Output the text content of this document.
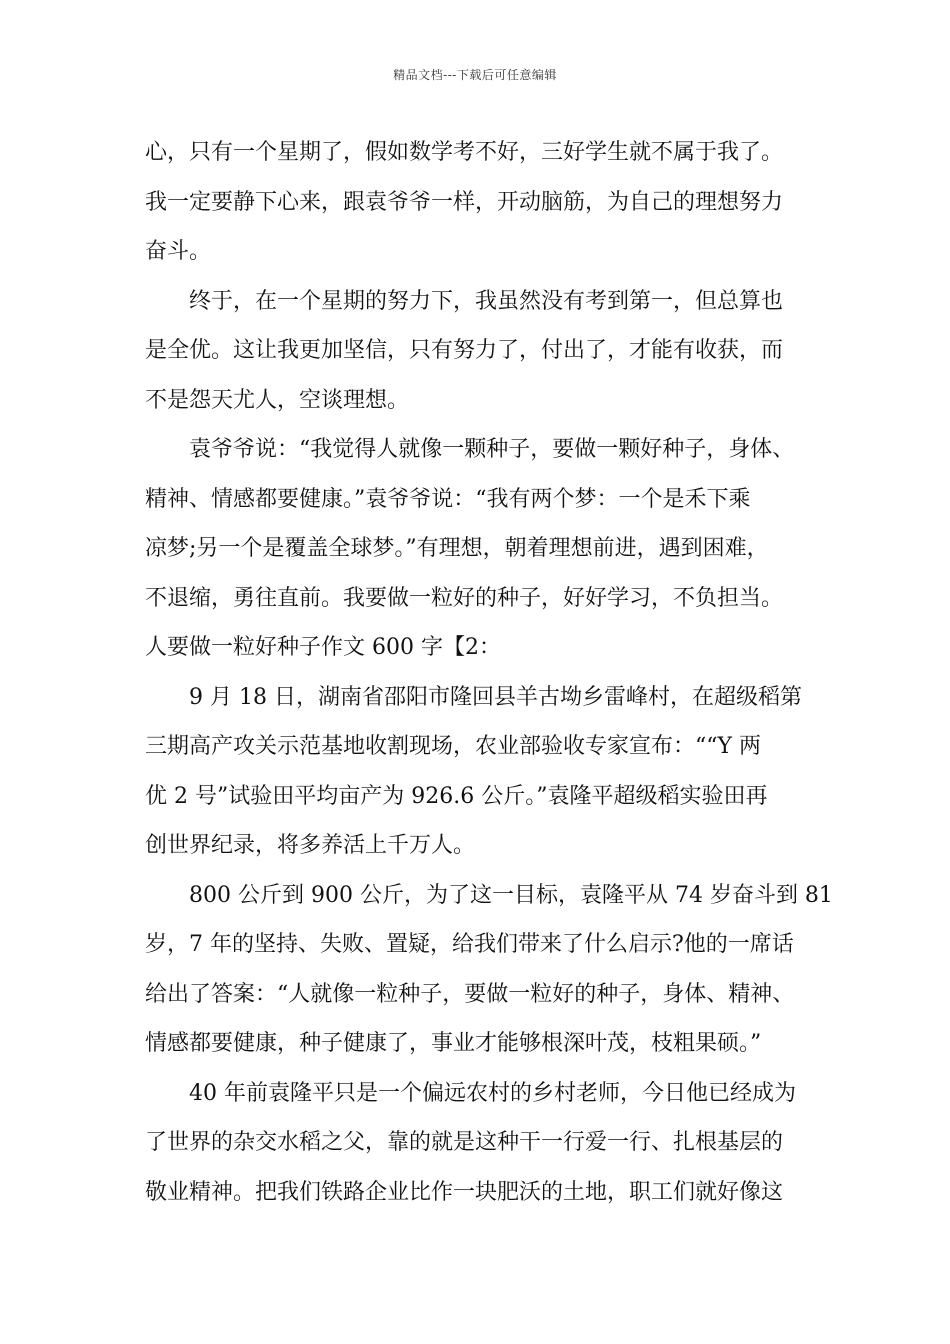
精品文档---下载后可任意编辑
心，只有一个星期了，假如数学考不好，三好学生就不属于我了。
我一定要静下心来，跟袁爷爷一样，开动脑筋，为自己的理想努力
奋斗。
终于，在一个星期的努力下，我虽然没有考到第一，但总算也
是全优。这让我更加坚信，只有努力了，付出了，才能有收获，而
不是怨天尤人，空谈理想。
袁爷爷说：“我觉得人就像一颗种子，要做一颗好种子，身体、
精神、情感都要健康。”袁爷爷说：“我有两个梦：一个是禾下乘
凉梦;另一个是覆盖全球梦。”有理想，朝着理想前进，遇到困难，
不退缩，勇往直前。我要做一粒好的种子，好好学习，不负担当。
人要做一粒好种子作文 600 字【2：
9 月 18 日，湖南省邵阳市隆回县羊古坳乡雷峰村，在超级稻第
三期高产攻关示范基地收割现场，农业部验收专家宣布：““Y 两
优 2 号”试验田平均亩产为 926.6 公斤。”袁隆平超级稻实验田再
创世界纪录，将多养活上千万人。
800 公斤到 900 公斤，为了这一目标，袁隆平从 74 岁奋斗到 81
岁，7 年的坚持、失败、置疑，给我们带来了什么启示?他的一席话
给出了答案：“人就像一粒种子，要做一粒好的种子，身体、精神、
情感都要健康，种子健康了，事业才能够根深叶茂，枝粗果硕。”
40 年前袁隆平只是一个偏远农村的乡村老师，今日他已经成为
了世界的杂交水稻之父，靠的就是这种干一行爱一行、扎根基层的
敬业精神。把我们铁路企业比作一块肥沃的土地，职工们就好像这
